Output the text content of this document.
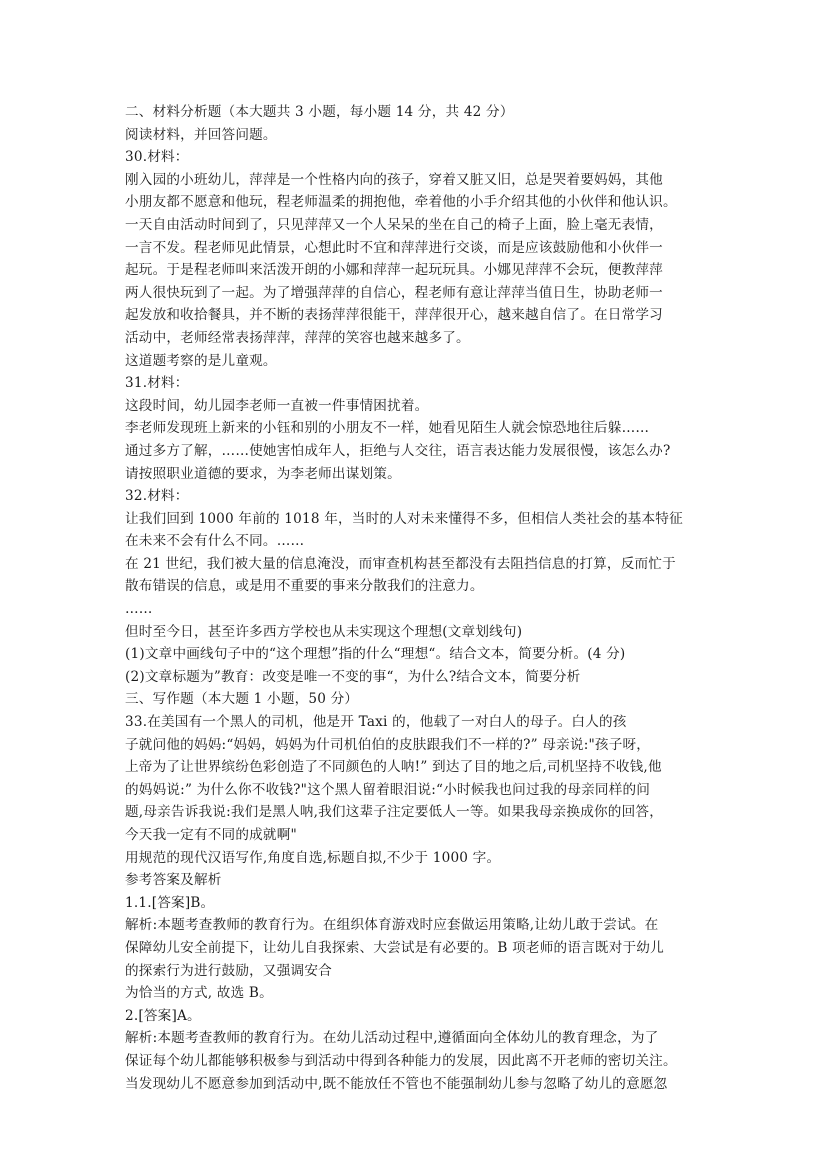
二、材料分析题（本大题共 3 小题，每小题 14 分，共 42 分）
阅读材料，并回答问题。
30.材料：
刚入园的小班幼儿，萍萍是一个性格内向的孩子，穿着又脏又旧，总是哭着要妈妈，其他
小朋友都不愿意和他玩，程老师温柔的拥抱他，牵着他的小手介绍其他的小伙伴和他认识。
一天自由活动时间到了，只见萍萍又一个人呆呆的坐在自己的椅子上面，脸上毫无表情，
一言不发。程老师见此情景，心想此时不宜和萍萍进行交谈，而是应该鼓励他和小伙伴一
起玩。于是程老师叫来活泼开朗的小娜和萍萍一起玩玩具。小娜见萍萍不会玩，便教萍萍
两人很快玩到了一起。为了增强萍萍的自信心，程老师有意让萍萍当值日生，协助老师一
起发放和收拾餐具，并不断的表扬萍萍很能干，萍萍很开心，越来越自信了。在日常学习
活动中，老师经常表扬萍萍，萍萍的笑容也越来越多了。
这道题考察的是儿童观。
31.材料：
这段时间，幼儿园李老师一直被一件事情困扰着。
李老师发现班上新来的小钰和别的小朋友不一样，她看见陌生人就会惊恐地往后躲……
通过多方了解，……使她害怕成年人，拒绝与人交往，语言表达能力发展很慢，该怎么办?
请按照职业道德的要求，为李老师出谋划策。
32.材料：
让我们回到 1000 年前的 1018 年，当时的人对未来懂得不多，但相信人类社会的基本特征
在未来不会有什么不同。……
在 21 世纪，我们被大量的信息淹没，而审查机构甚至都没有去阻挡信息的打算，反而忙于
散布错误的信息，或是用不重要的事来分散我们的注意力。
……
但时至今日，甚至许多西方学校也从未实现这个理想(文章划线句)
(1)文章中画线句子中的“这个理想”指的什么“理想“。结合文本，简要分析。(4 分)
(2)文章标题为”教育：改变是唯一不变的事“，为什么?结合文本，简要分析
三、写作题（本大题 1 小题，50 分）
33.在美国有一个黑人的司机，他是开 Taxi 的，他载了一对白人的母子。白人的孩
子就问他的妈妈:“妈妈，妈妈为什司机伯伯的皮肤跟我们不一样的?” 母亲说:"孩子呀，
上帝为了让世界缤纷色彩创造了不同颜色的人呐!” 到达了目的地之后,司机坚持不收钱,他
的妈妈说:” 为什么你不收钱?"这个黑人留着眼泪说:“小时候我也问过我的母亲同样的问
题,母亲告诉我说:我们是黑人呐,我们这辈子注定要低人一等。如果我母亲换成你的回答，
今天我一定有不同的成就啊"
用规范的现代汉语写作,角度自选,标题自拟,不少于 1000 字。
参考答案及解析
1.1.[答案]B。
解析:本题考查教师的教育行为。在组织体育游戏时应套做运用策略,让幼儿敢于尝试。在
保障幼儿安全前提下，让幼儿自我探索、大尝试是有必要的。B 项老师的语言既对于幼儿
的探索行为进行鼓励，又强调安合
为恰当的方式, 故选 B。
2.[答案]A。
解析:本题考查教师的教育行为。在幼儿活动过程中,遵循面向全体幼儿的教育理念，为了
保证每个幼儿都能够积极参与到活动中得到各种能力的发展，因此离不开老师的密切关注。
当发现幼儿不愿意参加到活动中,既不能放任不管也不能强制幼儿参与忽略了幼儿的意愿忽
